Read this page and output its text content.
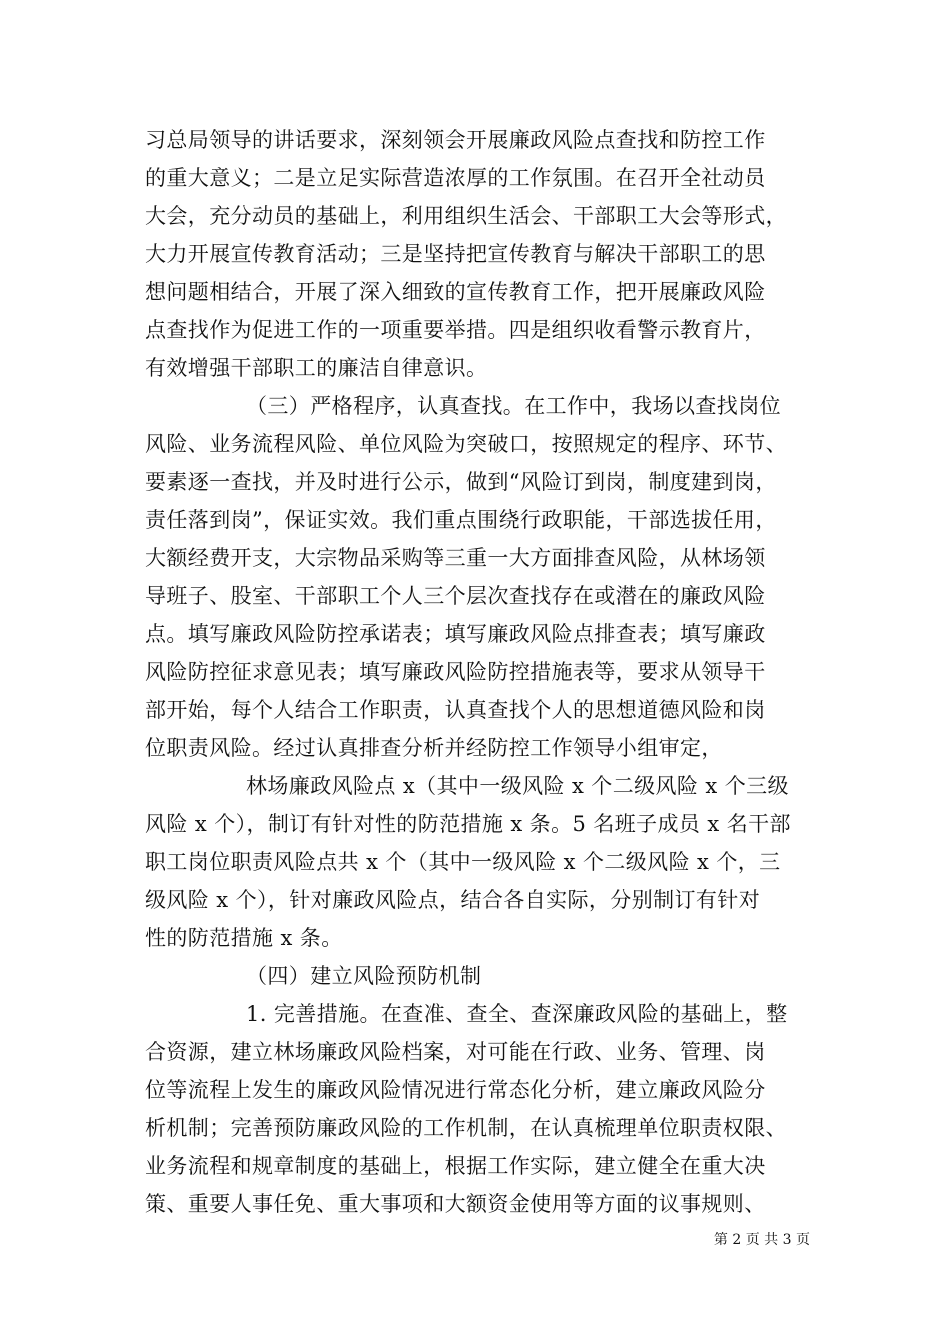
习总局领导的讲话要求，深刻领会开展廉政风险点查找和防控工作
的重大意义；二是立足实际营造浓厚的工作氛围。在召开全社动员
大会，充分动员的基础上，利用组织生活会、干部职工大会等形式，
大力开展宣传教育活动；三是坚持把宣传教育与解决干部职工的思
想问题相结合，开展了深入细致的宣传教育工作，把开展廉政风险
点查找作为促进工作的一项重要举措。四是组织收看警示教育片，
有效增强干部职工的廉洁自律意识。
（三）严格程序，认真查找。在工作中，我场以查找岗位
风险、业务流程风险、单位风险为突破口，按照规定的程序、环节、
要素逐一查找，并及时进行公示，做到“风险订到岗，制度建到岗，
责任落到岗”，保证实效。我们重点围绕行政职能，干部选拔任用，
大额经费开支，大宗物品采购等三重一大方面排查风险，从林场领
导班子、股室、干部职工个人三个层次查找存在或潜在的廉政风险
点。填写廉政风险防控承诺表；填写廉政风险点排查表；填写廉政
风险防控征求意见表；填写廉政风险防控措施表等，要求从领导干
部开始，每个人结合工作职责，认真查找个人的思想道德风险和岗
位职责风险。经过认真排查分析并经防控工作领导小组审定，
林场廉政风险点 x（其中一级风险 x 个二级风险 x 个三级
风险 x 个），制订有针对性的防范措施 x 条。5 名班子成员 x 名干部
职工岗位职责风险点共 x 个（其中一级风险 x 个二级风险 x 个，三
级风险 x 个），针对廉政风险点，结合各自实际，分别制订有针对
性的防范措施 x 条。
（四）建立风险预防机制
1. 完善措施。在查准、查全、查深廉政风险的基础上，整
合资源，建立林场廉政风险档案，对可能在行政、业务、管理、岗
位等流程上发生的廉政风险情况进行常态化分析，建立廉政风险分
析机制；完善预防廉政风险的工作机制，在认真梳理单位职责权限、
业务流程和规章制度的基础上，根据工作实际，建立健全在重大决
策、重要人事任免、重大事项和大额资金使用等方面的议事规则、
第 2 页 共 3 页
